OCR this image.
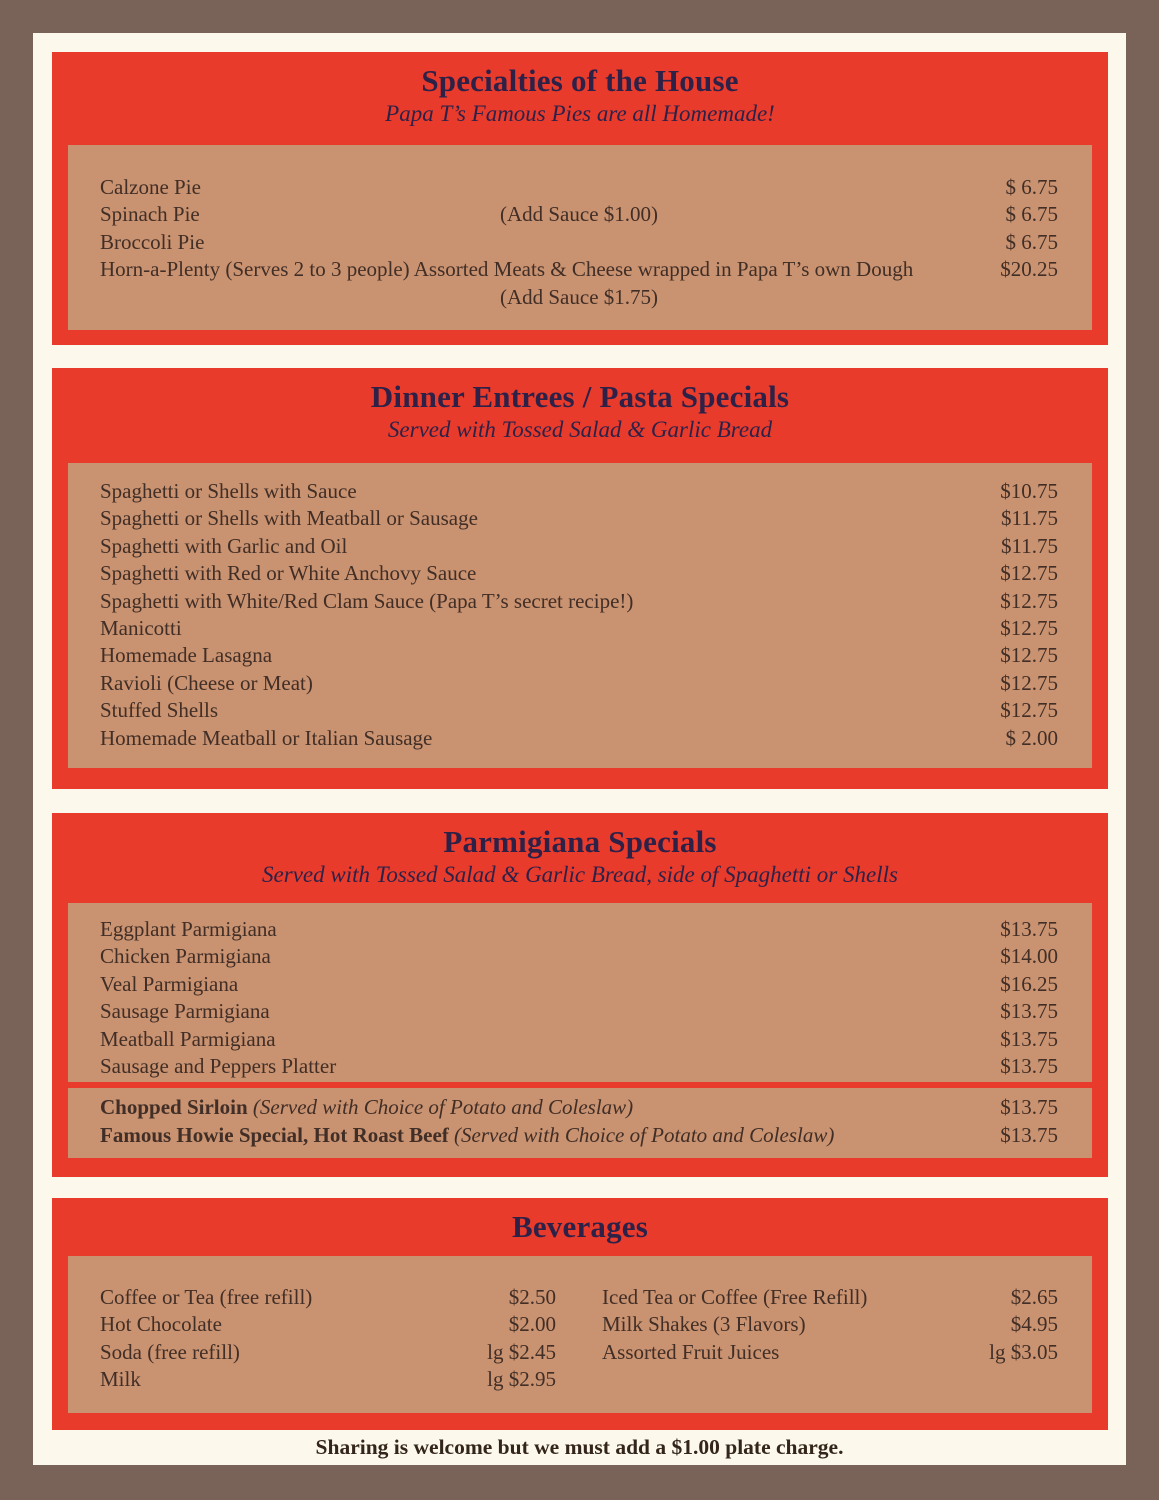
Specialties of the House
Papa T’s Famous Pies are all Homemade!
Calzone Pie	$ 6.75
Spinach Pie	(Add Sauce $1.00)	$ 6.75
Broccoli Pie	$ 6.75
Horn-a-Plenty (Serves 2 to 3 people) Assorted Meats & Cheese wrapped in Papa T’s own Dough	$20.25
(Add Sauce $1.75)
Dinner Entrees / Pasta Specials
Served with Tossed Salad & Garlic Bread
Spaghetti or Shells with Sauce	$10.75
Spaghetti or Shells with Meatball or Sausage	$11.75
Spaghetti with Garlic and Oil	$11.75
Spaghetti with Red or White Anchovy Sauce	$12.75
Spaghetti with White/Red Clam Sauce (Papa T’s secret recipe!)	$12.75
Manicotti	$12.75
Homemade Lasagna	$12.75
Ravioli (Cheese or Meat)	$12.75
Stuffed Shells	$12.75
Homemade Meatball or Italian Sausage	$ 2.00
Parmigiana Specials
Served with Tossed Salad & Garlic Bread, side of Spaghetti or Shells
Eggplant Parmigiana	$13.75
Chicken Parmigiana	$14.00
Veal Parmigiana	$16.25
Sausage Parmigiana	$13.75
Meatball Parmigiana	$13.75
Sausage and Peppers Platter	$13.75
Chopped Sirloin (Served with Choice of Potato and Coleslaw)	$13.75
Famous Howie Special, Hot Roast Beef (Served with Choice of Potato and Coleslaw)	$13.75
Beverages
Coffee or Tea (free refill)	$2.50
Hot Chocolate	$2.00
Soda (free refill)	lg $2.45
Milk	lg $2.95
Iced Tea or Coffee (Free Refill)	$2.65
Milk Shakes (3 Flavors)	$4.95
Assorted Fruit Juices	lg $3.05
Sharing is welcome but we must add a $1.00 plate charge.
